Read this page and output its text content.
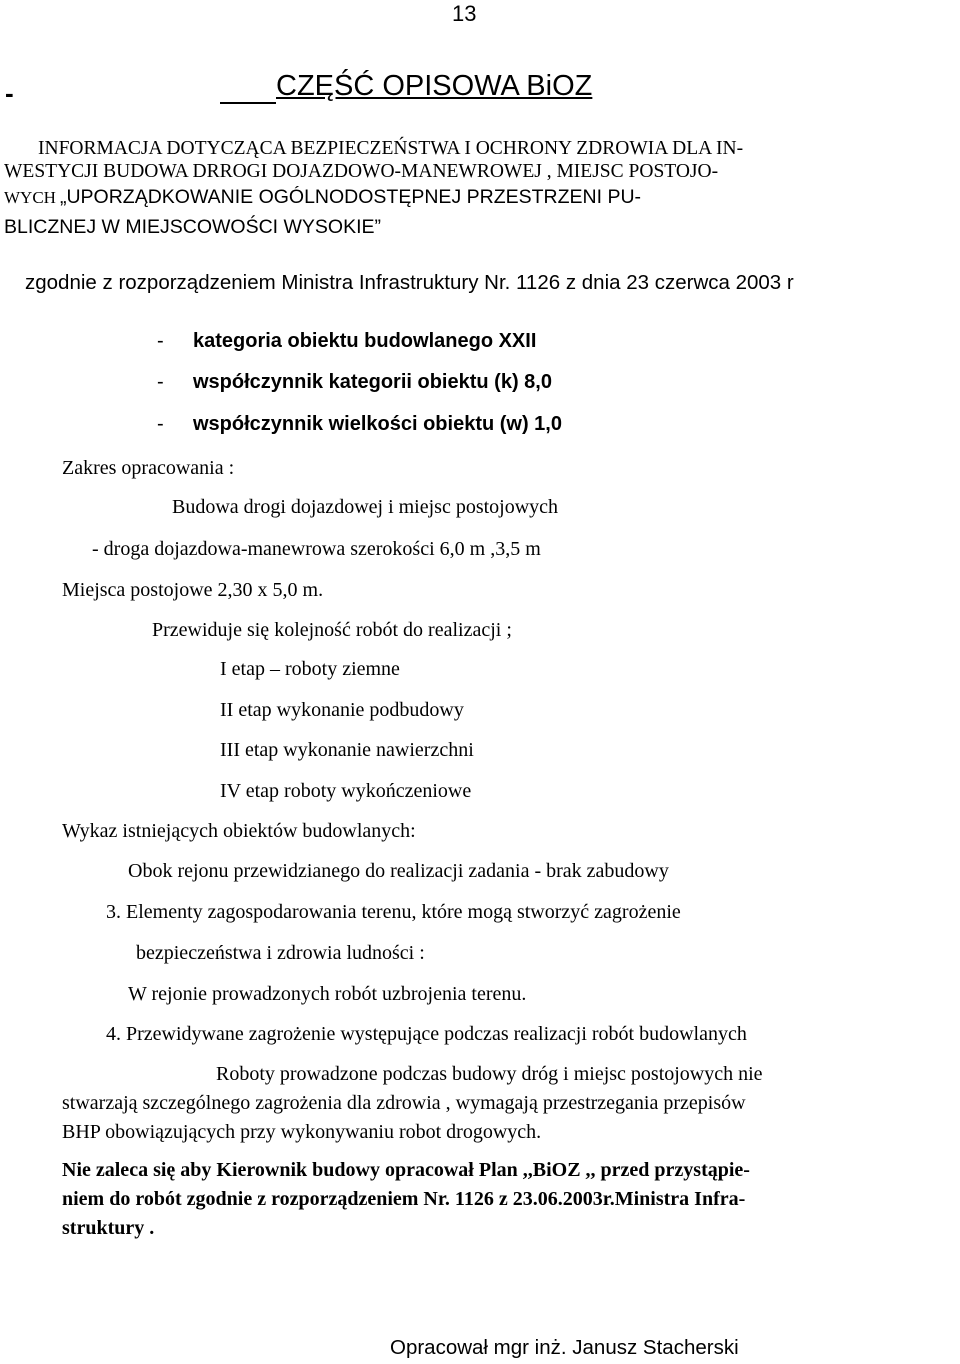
13
-	CZĘŚĆ OPISOWA BiOZ
INFORMACJA DOTYCZĄCA BEZPIECZEŃSTWA I OCHRONY ZDROWIA DLA IN-
WESTYCJI BUDOWA DRROGI DOJAZDOWO-MANEWROWEJ , MIEJSC POSTOJO-
WYCH „UPORZĄDKOWANIE OGÓLNODOSTĘPNEJ PRZESTRZENI PU-
BLICZNEJ W MIEJSCOWOŚCI WYSOKIE”
zgodnie z rozporządzeniem Ministra Infrastruktury Nr. 1126 z dnia 23 czerwca 2003 r
- kategoria obiektu budowlanego XXII
- współczynnik kategorii obiektu (k) 8,0
- współczynnik wielkości obiektu (w) 1,0
Zakres opracowania :
Budowa drogi dojazdowej i miejsc postojowych
- droga dojazdowa-manewrowa szerokości 6,0 m ,3,5 m
Miejsca postojowe 2,30 x 5,0 m.
Przewiduje się kolejność robót do realizacji ;
I etap – roboty ziemne
II etap wykonanie podbudowy
III etap wykonanie nawierzchni
IV etap roboty wykończeniowe
Wykaz istniejących obiektów budowlanych:
Obok rejonu przewidzianego do realizacji zadania - brak zabudowy
3. Elementy zagospodarowania terenu, które mogą stworzyć zagrożenie
bezpieczeństwa i zdrowia ludności :
W rejonie prowadzonych robót uzbrojenia terenu.
4. Przewidywane zagrożenie występujące podczas realizacji robót budowlanych
Roboty prowadzone podczas budowy dróg i miejsc postojowych nie
stwarzają szczególnego zagrożenia dla zdrowia , wymagają przestrzegania przepisów
BHP obowiązujących przy wykonywaniu robot drogowych.
Nie zaleca się aby Kierownik budowy opracował Plan ,,BiOZ ,, przed przystąpie-
niem do robót zgodnie z rozporządzeniem Nr. 1126 z 23.06.2003r.Ministra Infra-
struktury .
Opracował mgr inż. Janusz Stacherski
